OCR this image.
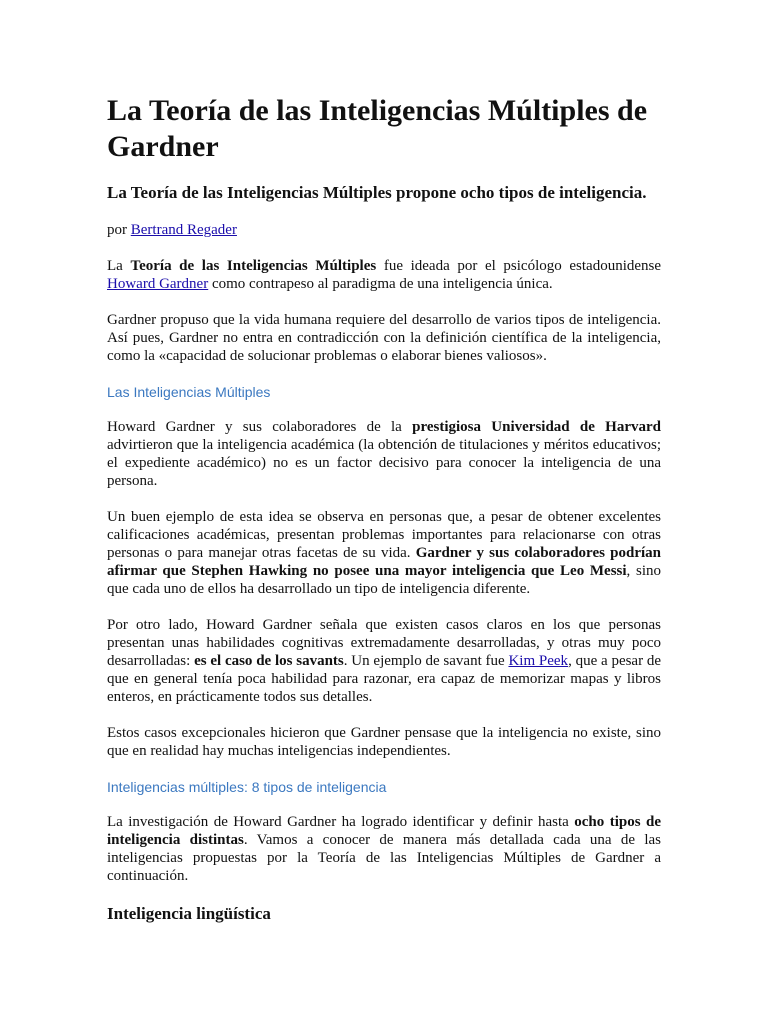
La Teoría de las Inteligencias Múltiples de Gardner
La Teoría de las Inteligencias Múltiples propone ocho tipos de inteligencia.

por Bertrand Regader

La Teoría de las Inteligencias Múltiples fue ideada por el psicólogo estadounidense Howard Gardner como contrapeso al paradigma de una inteligencia única.

Gardner propuso que la vida humana requiere del desarrollo de varios tipos de inteligencia. Así pues, Gardner no entra en contradicción con la definición científica de la inteligencia, como la «capacidad de solucionar problemas o elaborar bienes valiosos».

Las Inteligencias Múltiples

Howard Gardner y sus colaboradores de la prestigiosa Universidad de Harvard advirtieron que la inteligencia académica (la obtención de titulaciones y méritos educativos; el expediente académico) no es un factor decisivo para conocer la inteligencia de una persona.

Un buen ejemplo de esta idea se observa en personas que, a pesar de obtener excelentes calificaciones académicas, presentan problemas importantes para relacionarse con otras personas o para manejar otras facetas de su vida. Gardner y sus colaboradores podrían afirmar que Stephen Hawking no posee una mayor inteligencia que Leo Messi, sino que cada uno de ellos ha desarrollado un tipo de inteligencia diferente.

Por otro lado, Howard Gardner señala que existen casos claros en los que personas presentan unas habilidades cognitivas extremadamente desarrolladas, y otras muy poco desarrolladas: es el caso de los savants. Un ejemplo de savant fue Kim Peek, que a pesar de que en general tenía poca habilidad para razonar, era capaz de memorizar mapas y libros enteros, en prácticamente todos sus detalles.

Estos casos excepcionales hicieron que Gardner pensase que la inteligencia no existe, sino que en realidad hay muchas inteligencias independientes.

Inteligencias múltiples: 8 tipos de inteligencia

La investigación de Howard Gardner ha logrado identificar y definir hasta ocho tipos de inteligencia distintas. Vamos a conocer de manera más detallada cada una de las inteligencias propuestas por la Teoría de las Inteligencias Múltiples de Gardner a continuación.

Inteligencia lingüística
